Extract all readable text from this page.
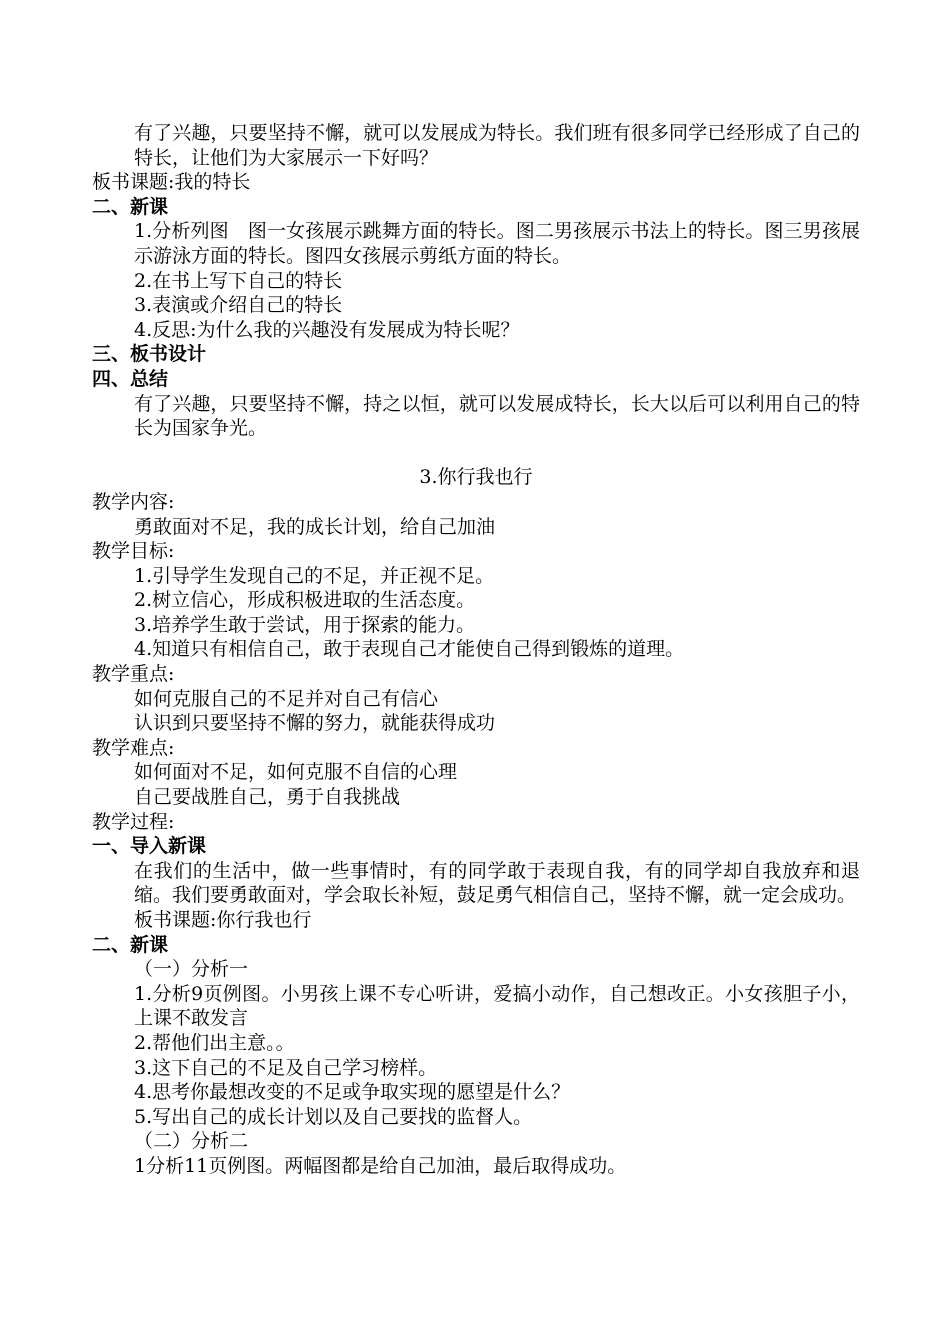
有了兴趣，只要坚持不懈，就可以发展成为特长。我们班有很多同学已经形成了自己的特长，让他们为大家展示一下好吗？
板书课题:我的特长
二、新课
1.分析列图　图一女孩展示跳舞方面的特长。图二男孩展示书法上的特长。图三男孩展示游泳方面的特长。图四女孩展示剪纸方面的特长。
2.在书上写下自己的特长
3.表演或介绍自己的特长
4.反思:为什么我的兴趣没有发展成为特长呢？
三、板书设计
四、总结
有了兴趣，只要坚持不懈，持之以恒，就可以发展成特长，长大以后可以利用自己的特长为国家争光。
3.你行我也行
教学内容:
勇敢面对不足，我的成长计划，给自己加油
教学目标:
1.引导学生发现自己的不足，并正视不足。
2.树立信心，形成积极进取的生活态度。
3.培养学生敢于尝试，用于探索的能力。
4.知道只有相信自己，敢于表现自己才能使自己得到锻炼的道理。
教学重点:
如何克服自己的不足并对自己有信心
认识到只要坚持不懈的努力，就能获得成功
教学难点:
如何面对不足，如何克服不自信的心理
自己要战胜自己，勇于自我挑战
教学过程:
一、导入新课
在我们的生活中，做一些事情时，有的同学敢于表现自我，有的同学却自我放弃和退缩。我们要勇敢面对，学会取长补短，鼓足勇气相信自己，坚持不懈，就一定会成功。
板书课题:你行我也行
二、新课
（一）分析一
1.分析9页例图。小男孩上课不专心听讲，爱搞小动作，自己想改正。小女孩胆子小，上课不敢发言
2.帮他们出主意。。
3.这下自己的不足及自己学习榜样。
4.思考你最想改变的不足或争取实现的愿望是什么？
5.写出自己的成长计划以及自己要找的监督人。
（二）分析二
1分析11页例图。两幅图都是给自己加油，最后取得成功。
